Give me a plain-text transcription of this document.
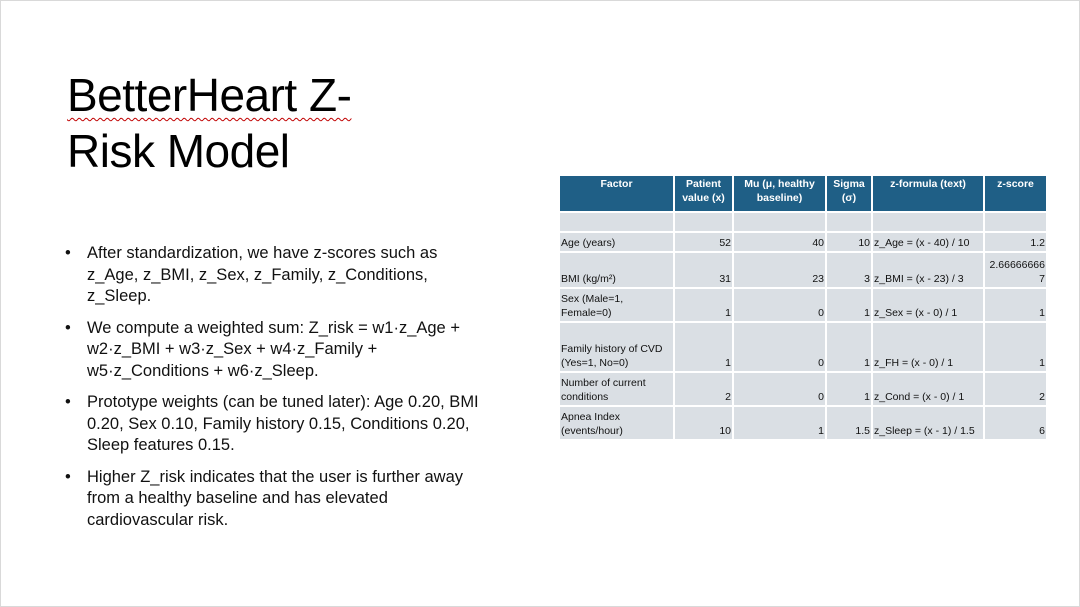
BetterHeart Z-
Risk Model
• After standardization, we have z-scores such as z_Age, z_BMI, z_Sex, z_Family, z_Conditions, z_Sleep.
• We compute a weighted sum: Z_risk = w1·z_Age + w2·z_BMI + w3·z_Sex + w4·z_Family + w5·z_Conditions + w6·z_Sleep.
• Prototype weights (can be tuned later): Age 0.20, BMI 0.20, Sex 0.10, Family history 0.15, Conditions 0.20, Sleep features 0.15.
• Higher Z_risk indicates that the user is further away from a healthy baseline and has elevated cardiovascular risk.
Factor	Patient value (x)	Mu (μ, healthy baseline)	Sigma (σ)	z-formula (text)	z-score

Age (years)	52	40	10	z_Age = (x - 40) / 10	1.2
BMI (kg/m²)	31	23	3	z_BMI = (x - 23) / 3	2.666666667
Sex (Male=1, Female=0)	1	0	1	z_Sex = (x - 0) / 1	1
Family history of CVD (Yes=1, No=0)	1	0	1	z_FH = (x - 0) / 1	1
Number of current conditions	2	0	1	z_Cond = (x - 0) / 1	2
Apnea Index (events/hour)	10	1	1.5	z_Sleep = (x - 1) / 1.5	6
